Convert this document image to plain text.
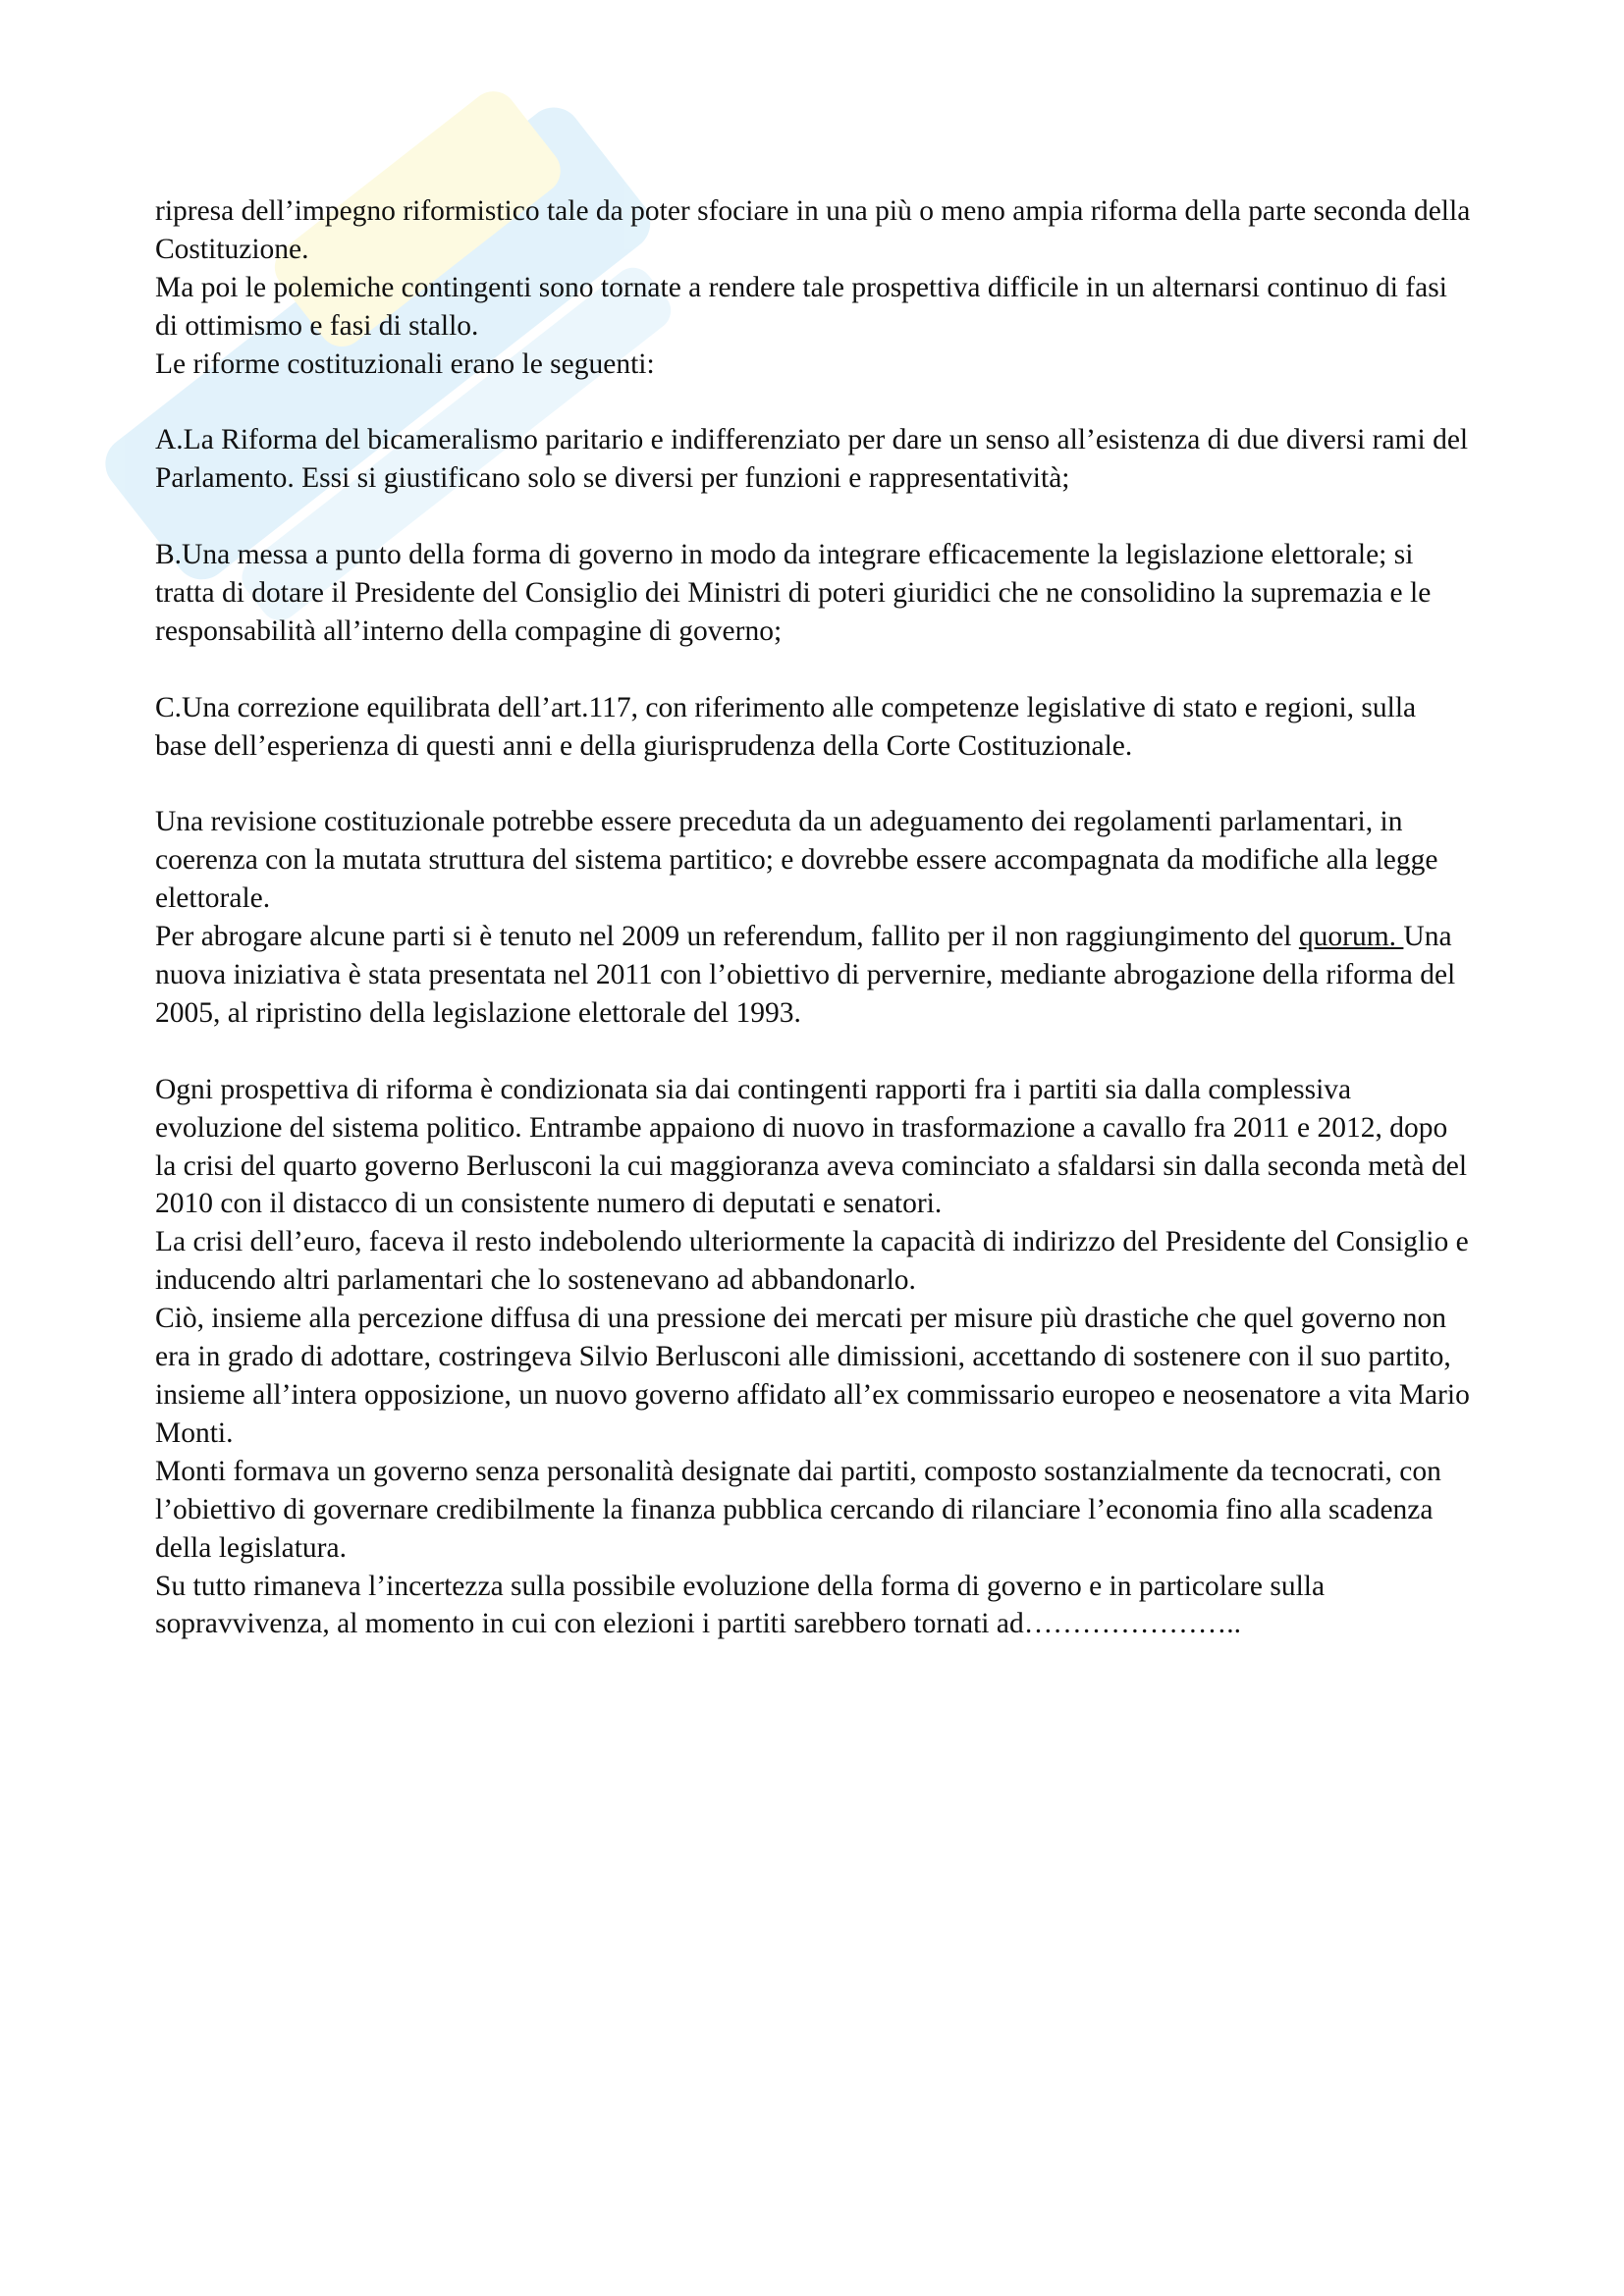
ripresa dell’impegno riformistico tale da poter sfociare in una più o meno ampia riforma della parte seconda della Costituzione.

Ma poi le polemiche contingenti sono tornate a rendere tale prospettiva difficile in un alternarsi continuo di fasi di ottimismo e fasi di stallo.

Le riforme costituzionali erano le seguenti:

A.La Riforma del bicameralismo paritario e indifferenziato per dare un senso all’esistenza di due diversi rami del Parlamento. Essi si giustificano solo se diversi per funzioni e rappresentatività;

B.Una messa a punto della forma di governo in modo da integrare efficacemente la legislazione elettorale; si tratta di dotare il Presidente del Consiglio dei Ministri di poteri giuridici che ne consolidino la supremazia e le responsabilità all’interno della compagine di governo;

C.Una correzione equilibrata dell’art.117, con riferimento alle competenze legislative di stato e regioni, sulla base dell’esperienza di questi anni e della giurisprudenza della Corte Costituzionale.

Una revisione costituzionale potrebbe essere preceduta da un adeguamento dei regolamenti parlamentari, in coerenza con la mutata struttura del sistema partitico; e dovrebbe essere accompagnata da modifiche alla legge elettorale.

Per abrogare alcune parti si è tenuto nel 2009 un referendum, fallito per il non raggiungimento del quorum. Una nuova iniziativa è stata presentata nel 2011 con l’obiettivo di pervernire, mediante abrogazione della riforma del 2005, al ripristino della legislazione elettorale del 1993.

Ogni prospettiva di riforma è condizionata sia dai contingenti rapporti fra i partiti sia dalla complessiva evoluzione del sistema politico. Entrambe appaiono di nuovo in trasformazione a cavallo fra 2011 e 2012, dopo la crisi del quarto governo Berlusconi la cui maggioranza aveva cominciato a sfaldarsi sin dalla seconda metà del 2010 con il distacco di un consistente numero di deputati e senatori.

La crisi dell’euro, faceva il resto indebolendo ulteriormente la capacità di indirizzo del Presidente del Consiglio e inducendo altri parlamentari che lo sostenevano ad abbandonarlo.

Ciò, insieme alla percezione diffusa di una pressione dei mercati per misure più drastiche che quel governo non era in grado di adottare, costringeva Silvio Berlusconi alle dimissioni, accettando di sostenere con il suo partito, insieme all’intera opposizione, un nuovo governo affidato all’ex commissario europeo e neosenatore a vita Mario Monti.

Monti formava un governo senza personalità designate dai partiti, composto sostanzialmente da tecnocrati, con l’obiettivo di governare credibilmente la finanza pubblica cercando di rilanciare l’economia fino alla scadenza della legislatura.

Su tutto rimaneva l’incertezza sulla possibile evoluzione della forma di governo e in particolare sulla sopravvivenza, al momento in cui con elezioni i partiti sarebbero tornati ad…………………..
